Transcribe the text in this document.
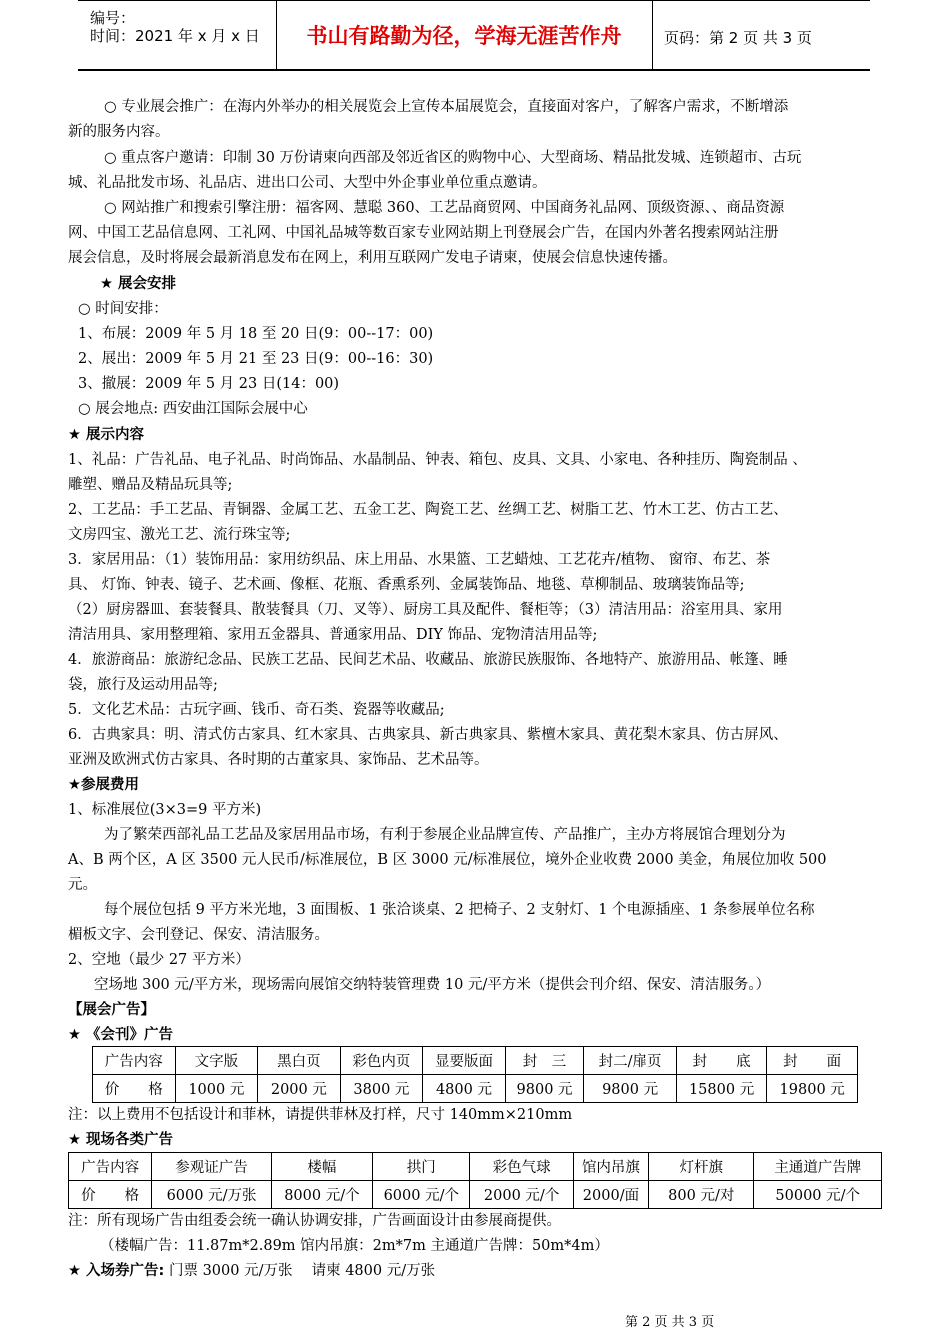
编号：
时间：2021 年 x 月 x 日	书山有路勤为径，学海无涯苦作舟	页码：第 2 页 共 3 页
○ 专业展会推广：在海内外举办的相关展览会上宣传本届展览会，直接面对客户，了解客户需求，不断增添
新的服务内容。
○ 重点客户邀请：印制 30 万份请柬向西部及邻近省区的购物中心、大型商场、精品批发城、连锁超市、古玩
城、礼品批发市场、礼品店、进出口公司、大型中外企事业单位重点邀请。
○ 网站推广和搜索引擎注册：福客网、慧聪 360、工艺品商贸网、中国商务礼品网、顶级资源、、商品资源
网、中国工艺品信息网、工礼网、中国礼品城等数百家专业网站期上刊登展会广告，在国内外著名搜索网站注册
展会信息，及时将展会最新消息发布在网上，利用互联网广发电子请柬，使展会信息快速传播。
★ 展会安排
○ 时间安排：
1、布展：2009 年 5 月 18 至 20 日(9：00--17：00)
2、展出：2009 年 5 月 21 至 23 日(9：00--16：30)
3、撤展：2009 年 5 月 23 日(14：00)
○ 展会地点: 西安曲江国际会展中心
★ 展示内容
1、礼品：广告礼品、电子礼品、时尚饰品、水晶制品、钟表、箱包、皮具、文具、小家电、各种挂历、陶瓷制品 、
雕塑、赠品及精品玩具等;
2、工艺品：手工艺品、青铜器、金属工艺、五金工艺、陶瓷工艺、丝绸工艺、树脂工艺、竹木工艺、仿古工艺、
文房四宝、激光工艺、流行珠宝等;
3．家居用品：（1）装饰用品：家用纺织品、床上用品、水果篮、工艺蜡烛、工艺花卉/植物、 窗帘、布艺、茶
具、 灯饰、钟表、镜子、艺术画、像框、花瓶、香熏系列、金属装饰品、地毯、草柳制品、玻璃装饰品等;
（2）厨房器皿、套装餐具、散装餐具（刀、叉等）、厨房工具及配件、餐柜等；（3）清洁用品：浴室用具、家用
清洁用具、家用整理箱、家用五金器具、普通家用品、DIY 饰品、宠物清洁用品等;
4．旅游商品：旅游纪念品、民族工艺品、民间艺术品、收藏品、旅游民族服饰、各地特产、旅游用品、帐篷、睡
袋，旅行及运动用品等;
5．文化艺术品：古玩字画、钱币、奇石类、瓷器等收藏品;
6．古典家具：明、清式仿古家具、红木家具、古典家具、新古典家具、紫檀木家具、黄花梨木家具、仿古屏风、
亚洲及欧洲式仿古家具、各时期的古董家具、家饰品、艺术品等。
★参展费用
1、标准展位(3×3=9 平方米)
为了繁荣西部礼品工艺品及家居用品市场，有利于参展企业品牌宣传、产品推广，主办方将展馆合理划分为
A、B 两个区，A 区 3500 元人民币/标准展位，B 区 3000 元/标准展位，境外企业收费 2000 美金，角展位加收 500
元。
每个展位包括 9 平方米光地，3 面围板、1 张洽谈桌、2 把椅子、2 支射灯、1 个电源插座、1 条参展单位名称
楣板文字、会刊登记、保安、清洁服务。
2、空地（最少 27 平方米）
空场地 300 元/平方米，现场需向展馆交纳特装管理费 10 元/平方米（提供会刊介绍、保安、清洁服务。）
【展会广告】
★ 《会刊》广告
广告内容	文字版	黑白页	彩色内页	显要版面	封　三	封二/扉页	封　　底	封　　面
价　　格	1000 元	2000 元	3800 元	4800 元	9800 元	9800 元	15800 元	19800 元
注：以上费用不包括设计和菲林，请提供菲林及打样，尺寸 140mm×210mm
★ 现场各类广告
广告内容	参观证广告	楼幅	拱门	彩色气球	馆内吊旗	灯杆旗	主通道广告牌
价　　格	6000 元/万张	8000 元/个	6000 元/个	2000 元/个	2000/面	800 元/对	50000 元/个
注：所有现场广告由组委会统一确认协调安排，广告画面设计由参展商提供。
（楼幅广告：11.87m*2.89m 馆内吊旗：2m*7m 主通道广告牌：50m*4m）
★ 入场券广告: 门票 3000 元/万张　 请柬 4800 元/万张
第 2 页 共 3 页
